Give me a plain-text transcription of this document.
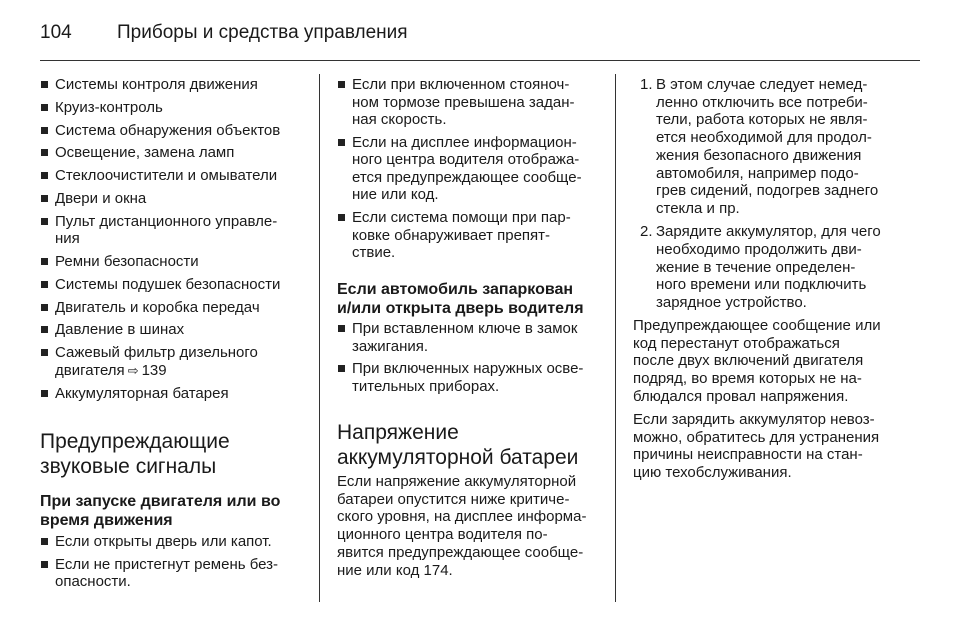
104 Приборы и средства управления
Системы контроля движения
Круиз-контроль
Система обнаружения объектов
Освещение, замена ламп
Стеклоочистители и омыватели
Двери и окна
Пульт дистанционного управле-
ния
Ремни безопасности
Системы подушек безопасности
Двигатель и коробка передач
Давление в шинах
Сажевый фильтр дизельного
двигателя ⇨ 139
Аккумуляторная батарея
Предупреждающие
звуковые сигналы
При запуске двигателя или во
время движения
Если открыты дверь или капот.
Если не пристегнут ремень без-
опасности.
Если при включенном стояноч-
ном тормозе превышена задан-
ная скорость.
Если на дисплее информацион-
ного центра водителя отобража-
ется предупреждающее сообще-
ние или код.
Если система помощи при пар-
ковке обнаруживает препят-
ствие.
Если автомобиль запаркован
и/или открыта дверь водителя
При вставленном ключе в замок
зажигания.
При включенных наружных осве-
тительных приборах.
Напряжение
аккумуляторной батареи

Если напряжение аккумуляторной
батареи опустится ниже критиче-
ского уровня, на дисплее информа-
ционного центра водителя по-
явится предупреждающее сообще-
ние или код 174.

1. В этом случае следует немед-
ленно отключить все потреби-
тели, работа которых не явля-
ется необходимой для продол-
жения безопасного движения
автомобиля, например подо-
грев сидений, подогрев заднего
стекла и пр.
2. Зарядите аккумулятор, для чего
необходимо продолжить дви-
жение в течение определен-
ного времени или подключить
зарядное устройство.

Предупреждающее сообщение или
код перестанут отображаться
после двух включений двигателя
подряд, во время которых не на-
блюдался провал напряжения.

Если зарядить аккумулятор невоз-
можно, обратитесь для устранения
причины неисправности на стан-
цию техобслуживания.
